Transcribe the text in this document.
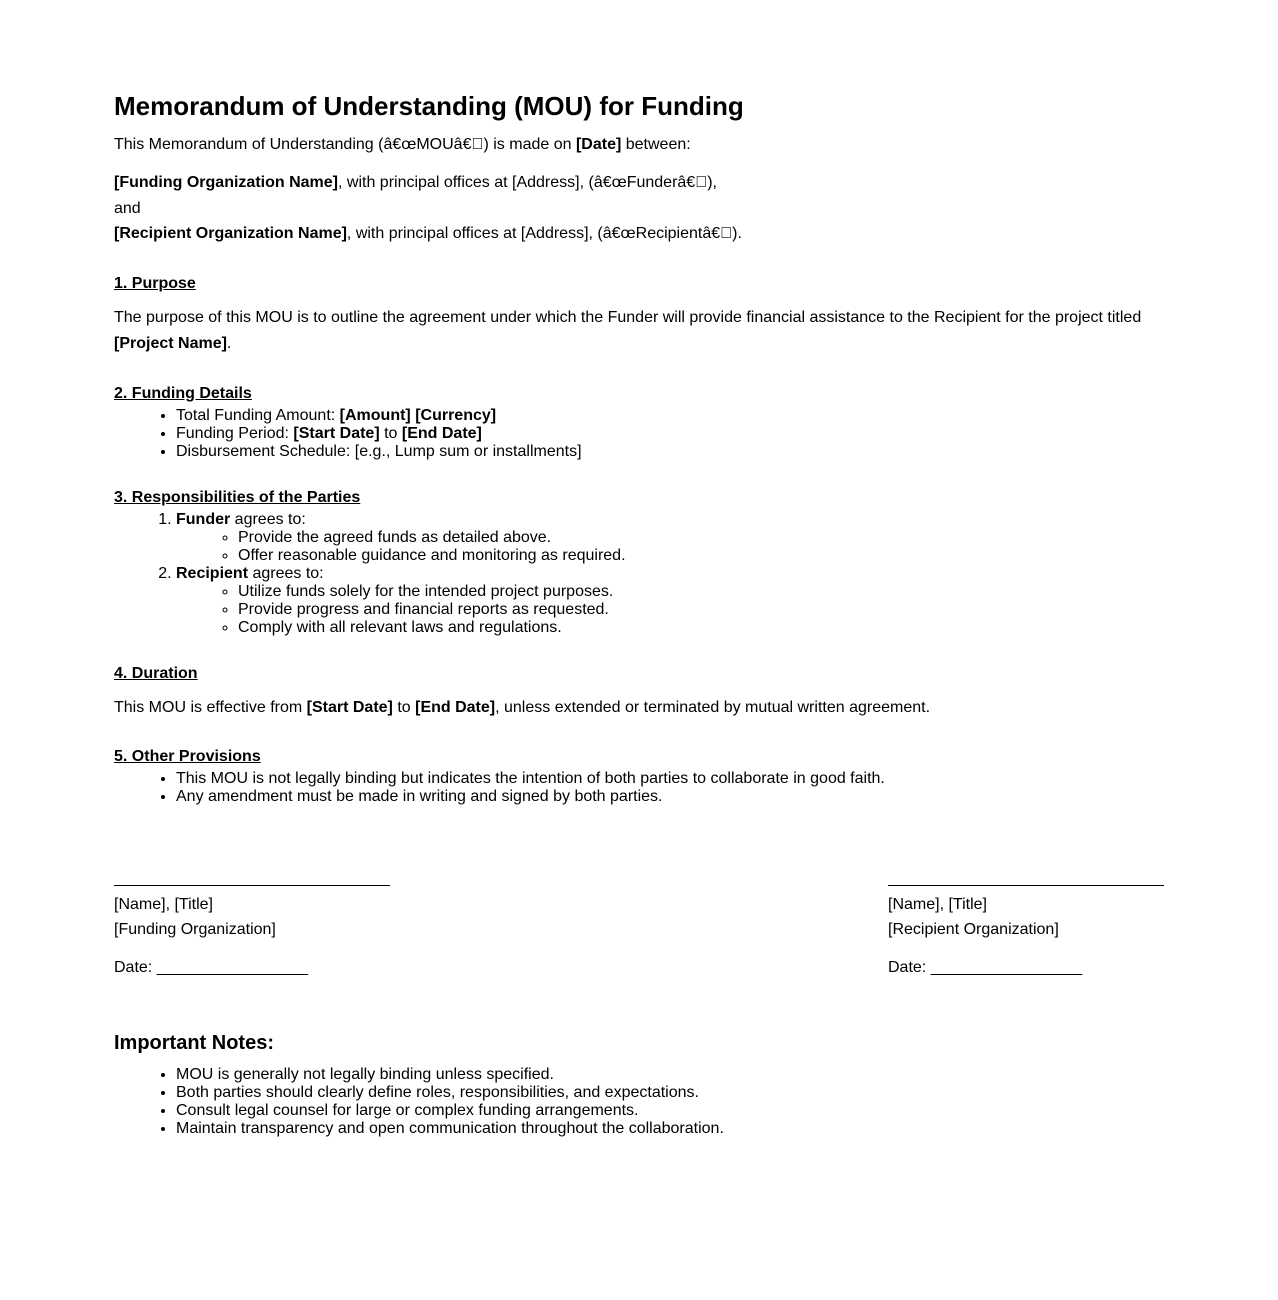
Memorandum of Understanding (MOU) for Funding

This Memorandum of Understanding (â€œMOUâ€ ) is made on [Date] between:

[Funding Organization Name], with principal offices at [Address], (â€œFunderâ€ ),

and

[Recipient Organization Name], with principal offices at [Address], (â€œRecipientâ€ ).

1. Purpose

The purpose of this MOU is to outline the agreement under which the Funder will provide financial assistance to the Recipient for the project titled [Project Name].

2. Funding Details

• Total Funding Amount: [Amount] [Currency]
• Funding Period: [Start Date] to [End Date]
• Disbursement Schedule: [e.g., Lump sum or installments]

3. Responsibilities of the Parties

1. Funder agrees to:
◦ Provide the agreed funds as detailed above.
◦ Offer reasonable guidance and monitoring as required.
2. Recipient agrees to:
◦ Utilize funds solely for the intended project purposes.
◦ Provide progress and financial reports as requested.
◦ Comply with all relevant laws and regulations.

4. Duration

This MOU is effective from [Start Date] to [End Date], unless extended or terminated by mutual written agreement.

5. Other Provisions

• This MOU is not legally binding but indicates the intention of both parties to collaborate in good faith.
• Any amendment must be made in writing and signed by both parties.
[Name], [Title]
[Funding Organization]
Date: _________________
[Name], [Title]
[Recipient Organization]
Date: _________________
Important Notes:
• MOU is generally not legally binding unless specified.
• Both parties should clearly define roles, responsibilities, and expectations.
• Consult legal counsel for large or complex funding arrangements.
• Maintain transparency and open communication throughout the collaboration.
